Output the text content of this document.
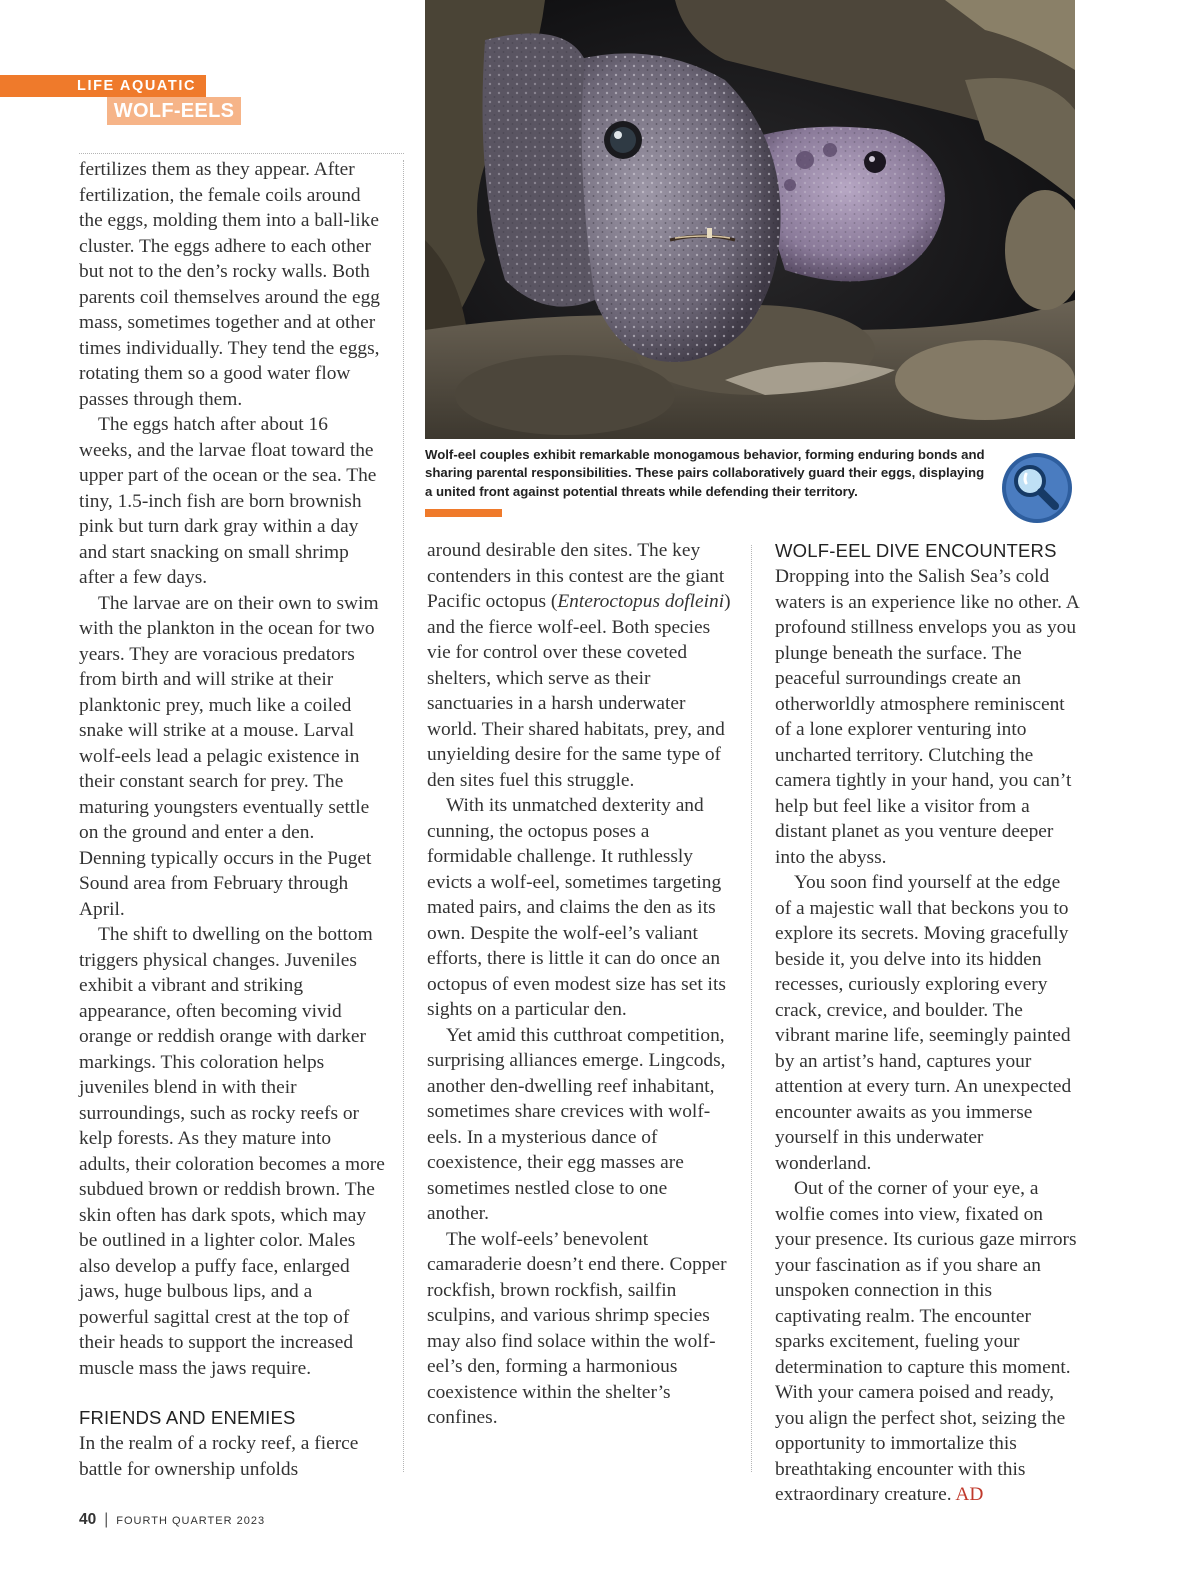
LIFE AQUATIC
WOLF-EELS
Wolf-eel couples exhibit remarkable monogamous behavior, forming enduring bonds and sharing parental responsibilities. These pairs collaboratively guard their eggs, displaying a united front against potential threats while defending their territory.

fertilizes them as they appear. After fertilization, the female coils around the eggs, molding them into a ball-like cluster. The eggs adhere to each other but not to the den’s rocky walls. Both parents coil themselves around the egg mass, sometimes together and at other times individually. They tend the eggs, rotating them so a good water flow passes through them.

The eggs hatch after about 16 weeks, and the larvae float toward the upper part of the ocean or the sea. The tiny, 1.5-inch fish are born brownish pink but turn dark gray within a day and start snacking on small shrimp after a few days.

The larvae are on their own to swim with the plankton in the ocean for two years. They are voracious predators from birth and will strike at their planktonic prey, much like a coiled snake will strike at a mouse. Larval wolf-eels lead a pelagic existence in their constant search for prey. The maturing youngsters eventually settle on the ground and enter a den. Denning typically occurs in the Puget Sound area from February through April.

The shift to dwelling on the bottom triggers physical changes. Juveniles exhibit a vibrant and striking appearance, often becoming vivid orange or reddish orange with darker markings. This coloration helps juveniles blend in with their surroundings, such as rocky reefs or kelp forests. As they mature into adults, their coloration becomes a more subdued brown or reddish brown. The skin often has dark spots, which may be outlined in a lighter color. Males also develop a puffy face, enlarged jaws, huge bulbous lips, and a powerful sagittal crest at the top of their heads to support the increased muscle mass the jaws require.

FRIENDS AND ENEMIES

In the realm of a rocky reef, a fierce battle for ownership unfolds

around desirable den sites. The key contenders in this contest are the giant Pacific octopus (Enteroctopus dofleini) and the fierce wolf-eel. Both species vie for control over these coveted shelters, which serve as their sanctuaries in a harsh underwater world. Their shared habitats, prey, and unyielding desire for the same type of den sites fuel this struggle.

With its unmatched dexterity and cunning, the octopus poses a formidable challenge. It ruthlessly evicts a wolf-eel, sometimes targeting mated pairs, and claims the den as its own. Despite the wolf-eel’s valiant efforts, there is little it can do once an octopus of even modest size has set its sights on a particular den.

Yet amid this cutthroat competition, surprising alliances emerge. Lingcods, another den-dwelling reef inhabitant, sometimes share crevices with wolf-eels. In a mysterious dance of coexistence, their egg masses are sometimes nestled close to one another.

The wolf-eels’ benevolent camaraderie doesn’t end there. Copper rockfish, brown rockfish, sailfin sculpins, and various shrimp species may also find solace within the wolf-eel’s den, forming a harmonious coexistence within the shelter’s confines.

WOLF-EEL DIVE ENCOUNTERS

Dropping into the Salish Sea’s cold waters is an experience like no other. A profound stillness envelops you as you plunge beneath the surface. The peaceful surroundings create an otherworldly atmosphere reminiscent of a lone explorer venturing into uncharted territory. Clutching the camera tightly in your hand, you can’t help but feel like a visitor from a distant planet as you venture deeper into the abyss.

You soon find yourself at the edge of a majestic wall that beckons you to explore its secrets. Moving gracefully beside it, you delve into its hidden recesses, curiously exploring every crack, crevice, and boulder. The vibrant marine life, seemingly painted by an artist’s hand, captures your attention at every turn. An unexpected encounter awaits as you immerse yourself in this underwater wonderland.

Out of the corner of your eye, a wolfie comes into view, fixated on your presence. Its curious gaze mirrors your fascination as if you share an unspoken connection in this captivating realm. The encounter sparks excitement, fueling your determination to capture this moment. With your camera poised and ready, you align the perfect shot, seizing the opportunity to immortalize this breathtaking encounter with this extraordinary creature. AD

40 | FOURTH QUARTER 2023
